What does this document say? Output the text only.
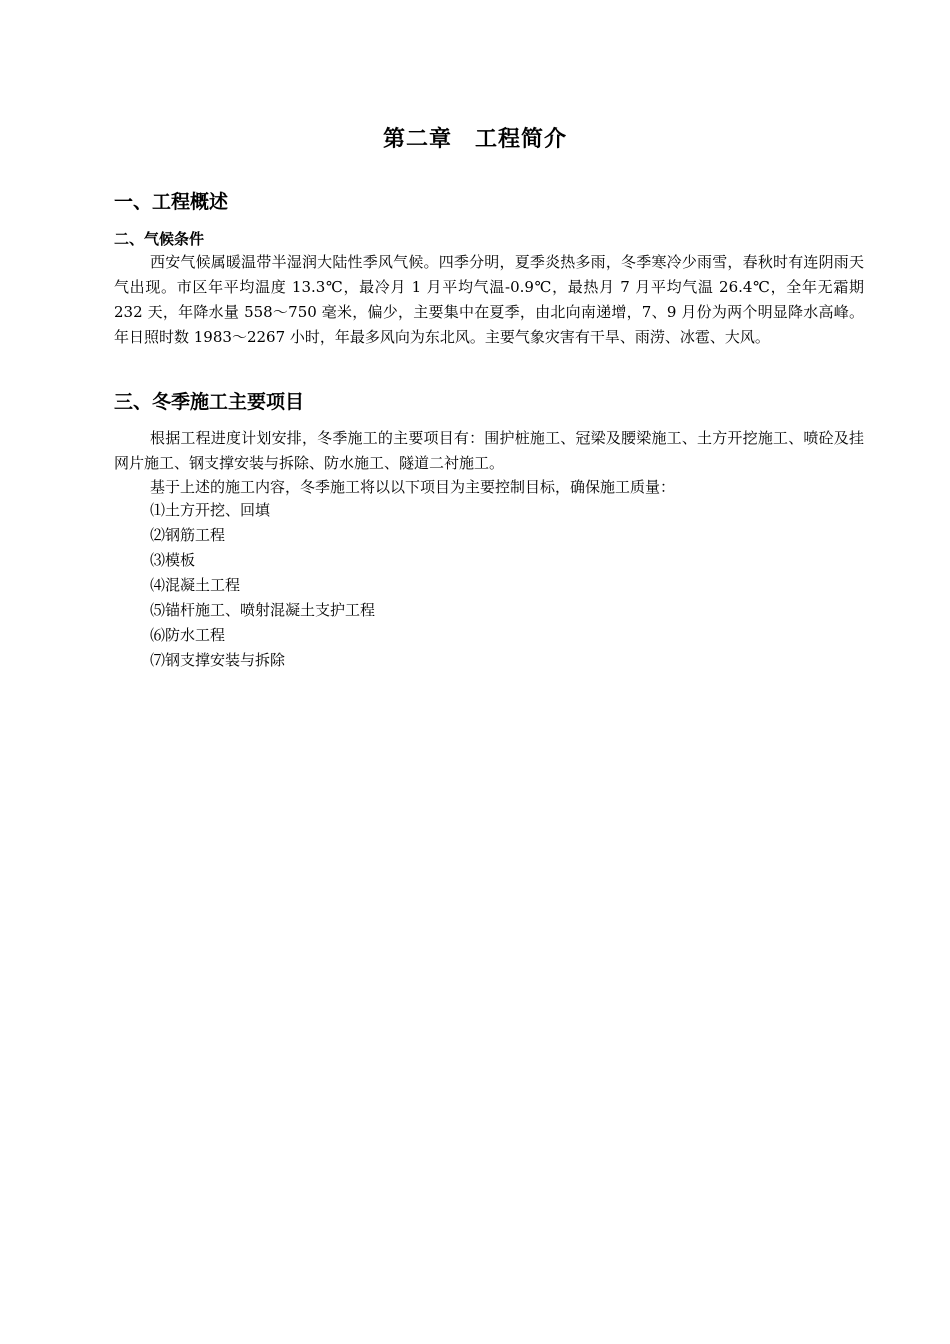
第二章　工程简介
一、工程概述
二、气候条件

西安气候属暖温带半湿润大陆性季风气候。四季分明，夏季炎热多雨，冬季寒冷少雨雪，春秋时有连阴雨天气出现。市区年平均温度 13.3℃，最冷月 1 月平均气温-0.9℃，最热月 7 月平均气温 26.4℃，全年无霜期 232 天，年降水量 558～750 毫米，偏少，主要集中在夏季，由北向南递增，7、9 月份为两个明显降水高峰。年日照时数 1983～2267 小时，年最多风向为东北风。主要气象灾害有干旱、雨涝、冰雹、大风。

三、冬季施工主要项目

根据工程进度计划安排，冬季施工的主要项目有：围护桩施工、冠梁及腰梁施工、土方开挖施工、喷砼及挂网片施工、钢支撑安装与拆除、防水施工、隧道二衬施工。

基于上述的施工内容，冬季施工将以以下项目为主要控制目标，确保施工质量：

⑴土方开挖、回填
⑵钢筋工程
⑶模板
⑷混凝土工程
⑸锚杆施工、喷射混凝土支护工程
⑹防水工程
⑺钢支撑安装与拆除
